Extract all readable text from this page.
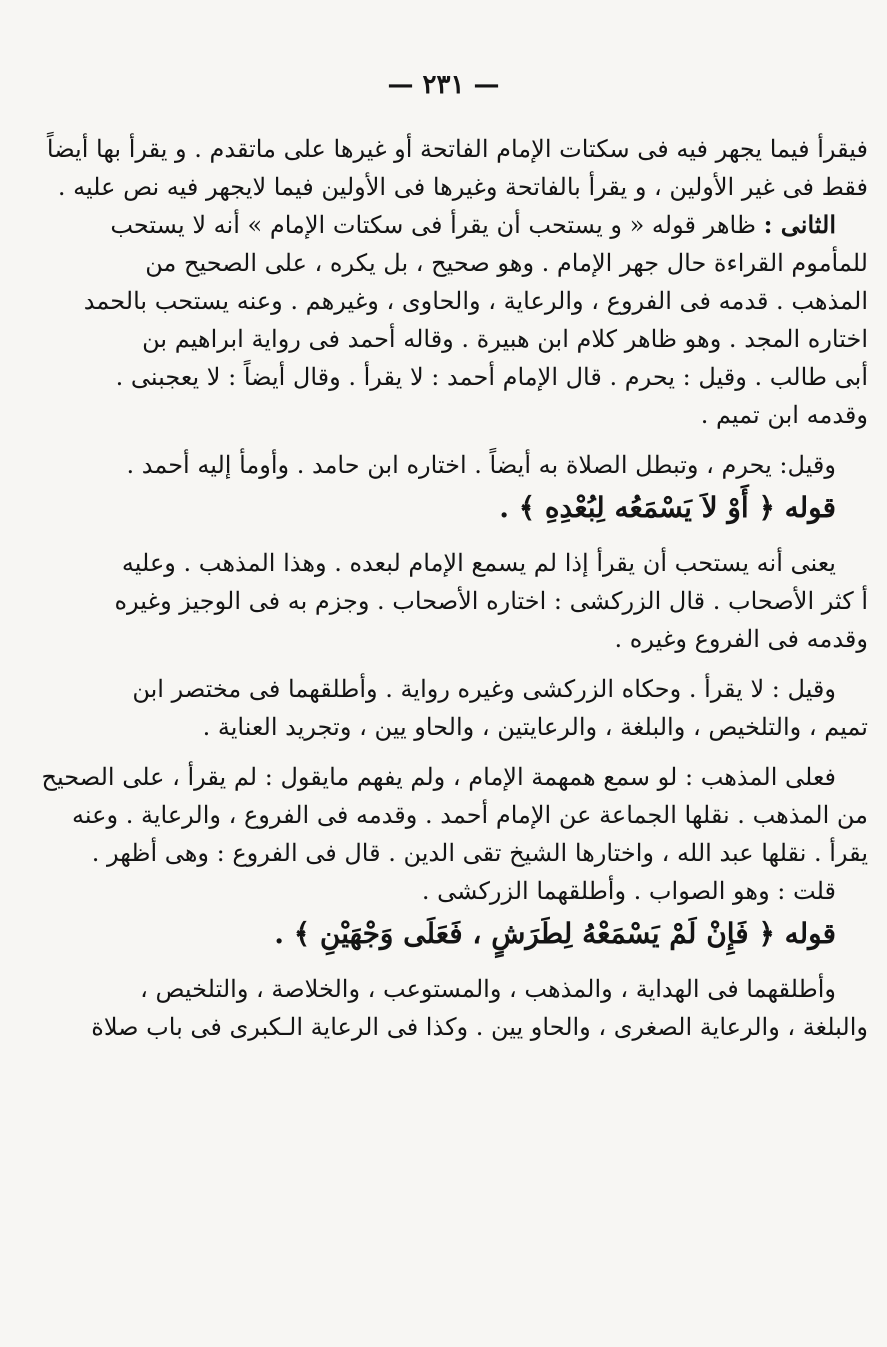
— ٢٣١ —
فيقرأ فيما يجهر فيه فى سكتات الإمام الفاتحة أو غيرها على ماتقدم . و يقرأ بها أيضاً
فقط فى غير الأولين ، و يقرأ بالفاتحة وغيرها فى الأولين فيما لايجهر فيه نص عليه .
الثانى : ظاهر قوله « و يستحب أن يقرأ فى سكتات الإمام » أنه لا يستحب
للمأموم القراءة حال جهر الإمام . وهو صحيح ، بل يكره ، على الصحيح من
المذهب . قدمه فى الفروع ، والرعاية ، والحاوى ، وغيرهم . وعنه يستحب بالحمد
اختاره المجد . وهو ظاهر كلام ابن هبيرة . وقاله أحمد فى رواية ابراهيم بن
أبى طالب . وقيل : يحرم . قال الإمام أحمد : لا يقرأ . وقال أيضاً : لا يعجبنى .
وقدمه ابن تميم .
وقيل: يحرم ، وتبطل الصلاة به أيضاً . اختاره ابن حامد . وأومأ إليه أحمد .
قوله ﴿ أَوْ لاَ يَسْمَعُه لِبُعْدِهِ ﴾ .
يعنى أنه يستحب أن يقرأ إذا لم يسمع الإمام لبعده . وهذا المذهب . وعليه
أ كثر الأصحاب . قال الزركشى : اختاره الأصحاب . وجزم به فى الوجيز وغيره
وقدمه فى الفروع وغيره .
وقيل : لا يقرأ . وحكاه الزركشى وغيره رواية . وأطلقهما فى مختصر ابن
تميم ، والتلخيص ، والبلغة ، والرعايتين ، والحاو يين ، وتجريد العناية .
فعلى المذهب : لو سمع همهمة الإمام ، ولم يفهم مايقول : لم يقرأ ، على الصحيح
من المذهب . نقلها الجماعة عن الإمام أحمد . وقدمه فى الفروع ، والرعاية . وعنه
يقرأ . نقلها عبد الله ، واختارها الشيخ تقى الدين . قال فى الفروع : وهى أظهر .
قلت : وهو الصواب . وأطلقهما الزركشى .
قوله ﴿ فَإِنْ لَمْ يَسْمَعْهُ لِطَرَشٍ ، فَعَلَى وَجْهَيْنِ ﴾ .
وأطلقهما فى الهداية ، والمذهب ، والمستوعب ، والخلاصة ، والتلخيص ،
والبلغة ، والرعاية الصغرى ، والحاو يين . وكذا فى الرعاية الـكبرى فى باب صلاة
